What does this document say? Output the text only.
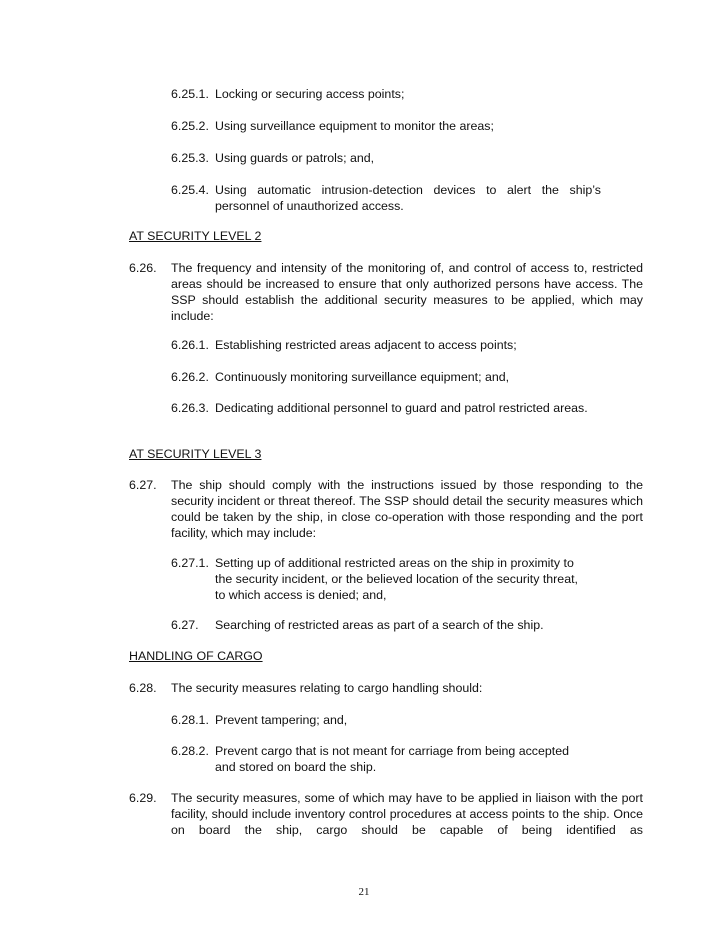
6.25.1. Locking or securing access points;
6.25.2. Using surveillance equipment to monitor the areas;
6.25.3. Using guards or patrols; and,
6.25.4. Using automatic intrusion-detection devices to alert the ship’s personnel of unauthorized access.
AT SECURITY LEVEL 2
6.26. The frequency and intensity of the monitoring of, and control of access to, restricted areas should be increased to ensure that only authorized persons have access. The SSP should establish the additional security measures to be applied, which may include:
6.26.1. Establishing restricted areas adjacent to access points;
6.26.2. Continuously monitoring surveillance equipment; and,
6.26.3. Dedicating additional personnel to guard and patrol restricted areas.
AT SECURITY LEVEL 3
6.27. The ship should comply with the instructions issued by those responding to the security incident or threat thereof. The SSP should detail the security measures which could be taken by the ship, in close co-operation with those responding and the port facility, which may include:
6.27.1. Setting up of additional restricted areas on the ship in proximity to
the security incident, or the believed location of the security threat,
to which access is denied; and,
6.27. Searching of restricted areas as part of a search of the ship.
HANDLING OF CARGO
6.28. The security measures relating to cargo handling should:
6.28.1. Prevent tampering; and,
6.28.2. Prevent cargo that is not meant for carriage from being accepted
and stored on board the ship.
6.29. The security measures, some of which may have to be applied in liaison with the port facility, should include inventory control procedures at access points to the ship. Once on board the ship, cargo should be capable of being identified as
21
